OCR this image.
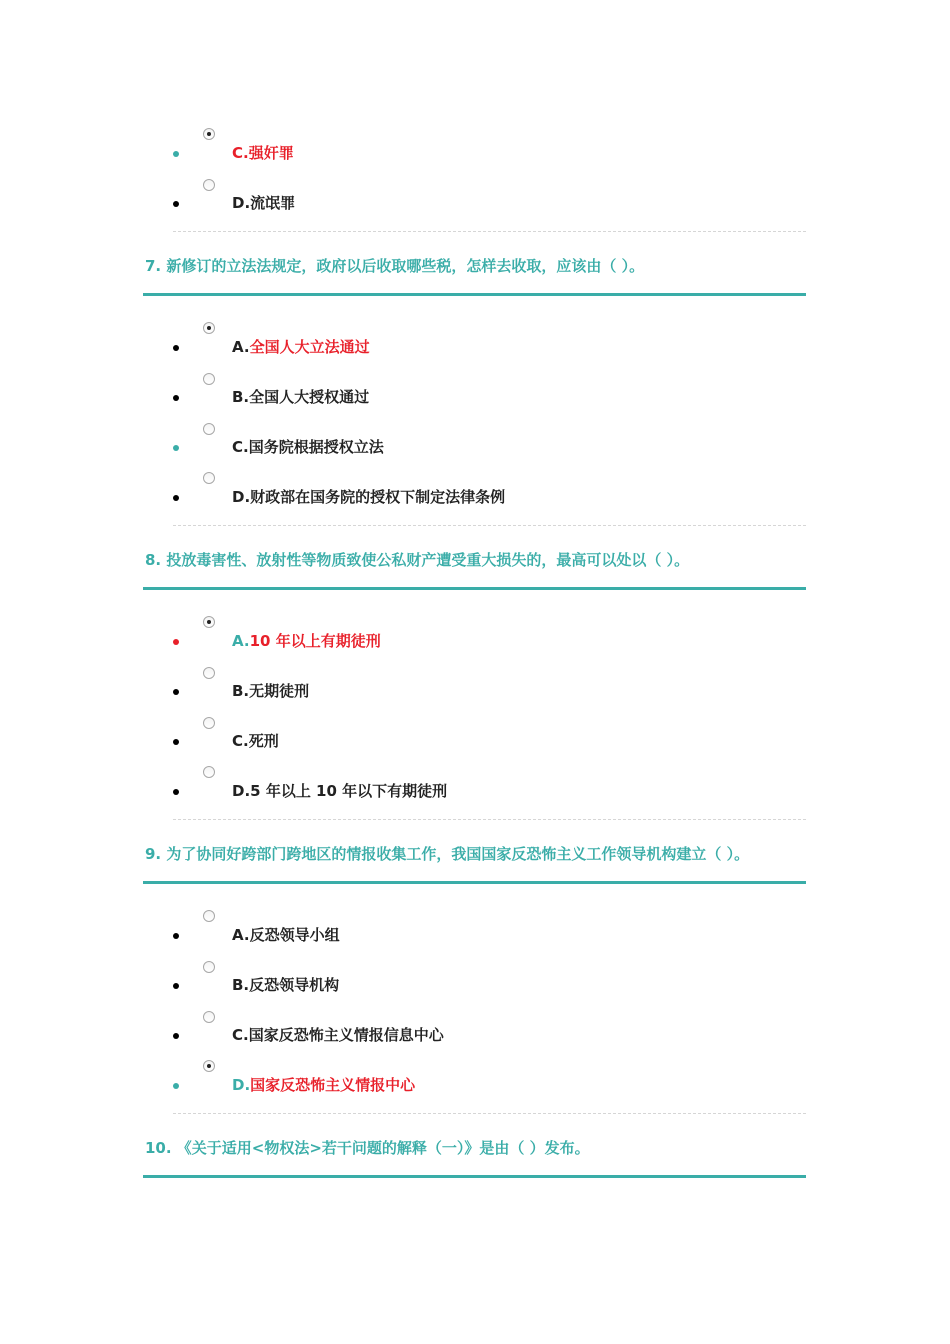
C.强奸罪
D.流氓罪
7. 新修订的立法法规定，政府以后收取哪些税，怎样去收取，应该由（ ）。
A.全国人大立法通过
B.全国人大授权通过
C.国务院根据授权立法
D.财政部在国务院的授权下制定法律条例
8. 投放毒害性、放射性等物质致使公私财产遭受重大损失的，最高可以处以（ ）。
A.10 年以上有期徒刑
B.无期徒刑
C.死刑
D.5 年以上 10 年以下有期徒刑
9. 为了协同好跨部门跨地区的情报收集工作，我国国家反恐怖主义工作领导机构建立（ ）。
A.反恐领导小组
B.反恐领导机构
C.国家反恐怖主义情报信息中心
D.国家反恐怖主义情报中心
10. 《关于适用<物权法>若干问题的解释（一）》是由（ ）发布。
